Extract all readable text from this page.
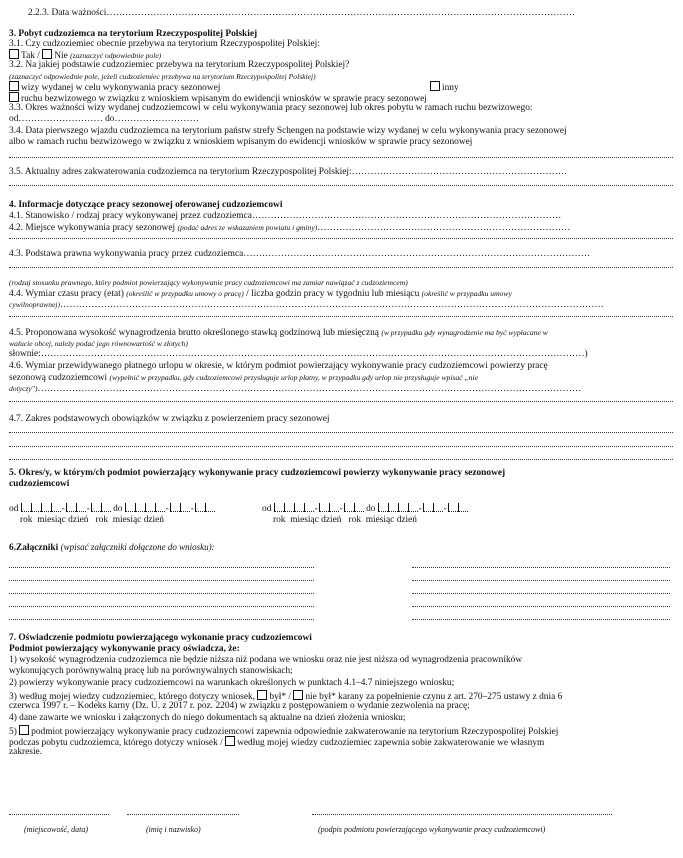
2.2.3. Data ważności……………………………………………………………………………………………………………………………………
3. Pobyt cudzoziemca na terytorium Rzeczypospolitej Polskiej
3.1. Czy cudzoziemiec obecnie przebywa na terytorium Rzeczypospolitej Polskiej:
Tak / Nie (zaznaczyć odpowiednie pole)
3.2. Na jakiej podstawie cudzoziemiec przebywa na terytorium Rzeczypospolitej Polskiej?
(zaznaczyć odpowiednie pole, jeżeli cudzoziemiec przebywa na terytorium Rzeczypospolitej Polskiej)
wizy wydanej w celu wykonywania pracy sezonowej	inny
ruchu bezwizowego w związku z wnioskiem wpisanym do ewidencji wniosków w sprawie pracy sezonowej
3.3. Okres ważności wizy wydanej cudzoziemcowi w celu wykonywania pracy sezonowej lub okres pobytu w ramach ruchu bezwizowego:
od……………………… do………………………
3.4. Data pierwszego wjazdu cudzoziemca na terytorium państw strefy Schengen na podstawie wizy wydanej w celu wykonywania pracy sezonowej
albo w ramach ruchu bezwizowego w związku z wnioskiem wpisanym do ewidencji wniosków w sprawie pracy sezonowej
3.5. Aktualny adres zakwaterowania cudzoziemca na terytorium Rzeczypospolitej Polskiej:……………………………………………………………
4. Informacje dotyczące pracy sezonowej oferowanej cudzoziemcowi
4.1. Stanowisko / rodzaj pracy wykonywanej przez cudzoziemca………………………………………………………………………………………
4.2. Miejsce wykonywania pracy sezonowej (podać adres ze wskazaniem powiatu i gminy)………………………………………………………………………
4.3. Podstawa prawna wykonywania pracy przez cudzoziemca…………………………………………………………………………………………………
(rodzaj stosunku prawnego, który podmiot powierzający wykonywanie pracy cudzoziemcowi ma zamiar nawiązać z cudzoziemcem)
4.4. Wymiar czasu pracy (etat) (określić w przypadku umowy o pracę) / liczba godzin pracy w tygodniu lub miesiącu (określić w przypadku umowy
cywilnoprawnej)…………………………………………………………………………………………………………………………………………………………
4.5. Proponowana wysokość wynagrodzenia brutto określonego stawką godzinową lub miesięczną (w przypadku gdy wynagrodzenie ma być wypłacane w
walucie obcej, należy podać jego równowartość w złotych)
słownie:…………………………………………………………………………………………………………………………………………………………)
4.6. Wymiar przewidywanego płatnego urlopu w okresie, w którym podmiot powierzający wykonywanie pracy cudzoziemcowi powierzy pracę
sezonową cudzoziemcowi (wypełnić w przypadku, gdy cudzoziemcowi przysługuje urlop płatny, w przypadku gdy urlop nie przysługuje wpisać „nie
dotyczy")…………………………………………………………………………………………………………………………………………………………
4.7. Zakres podstawowych obowiązków w związku z powierzeniem pracy sezonowej
5. Okres/y, w którym/ch podmiot powierzający wykonywanie pracy cudzoziemcowi powierzy wykonywanie pracy sezonowej
cudzoziemcowi
od	- - do	- -
rok miesiąc dzień rok miesiąc dzień
od	- - do	- -
rok miesiąc dzień rok miesiąc dzień
6.Załączniki (wpisać załączniki dołączone do wniosku):
7. Oświadczenie podmiotu powierzającego wykonanie pracy cudzoziemcowi
Podmiot powierzający wykonywanie pracy oświadcza, że:
1) wysokość wynagrodzenia cudzoziemca nie będzie niższa niż podana we wniosku oraz nie jest niższa od wynagrodzenia pracowników
wykonujących porównywalną pracę lub na porównywalnych stanowiskach;
2) powierzy wykonywanie pracy cudzoziemcowi na warunkach określonych w punktach 4.1–4.7 niniejszego wniosku;
3) według mojej wiedzy cudzoziemiec, którego dotyczy wniosek, był* / nie był* karany za popełnienie czynu z art. 270–275 ustawy z dnia 6
czerwca 1997 r. – Kodeks karny (Dz. U. z 2017 r. poz. 2204) w związku z postępowaniem o wydanie zezwolenia na pracę;
4) dane zawarte we wniosku i załączonych do niego dokumentach są aktualne na dzień złożenia wniosku;
5) podmiot powierzający wykonywanie pracy cudzoziemcowi zapewnia odpowiednie zakwaterowanie na terytorium Rzeczypospolitej Polskiej
podczas pobytu cudzoziemca, którego dotyczy wniosek / według mojej wiedzy cudzoziemiec zapewnia sobie zakwaterowanie we własnym
zakresie.
(miejscowość, data)	(imię i nazwisko)	(podpis podmiotu powierzającego wykonywanie pracy cudzoziemcowi)
